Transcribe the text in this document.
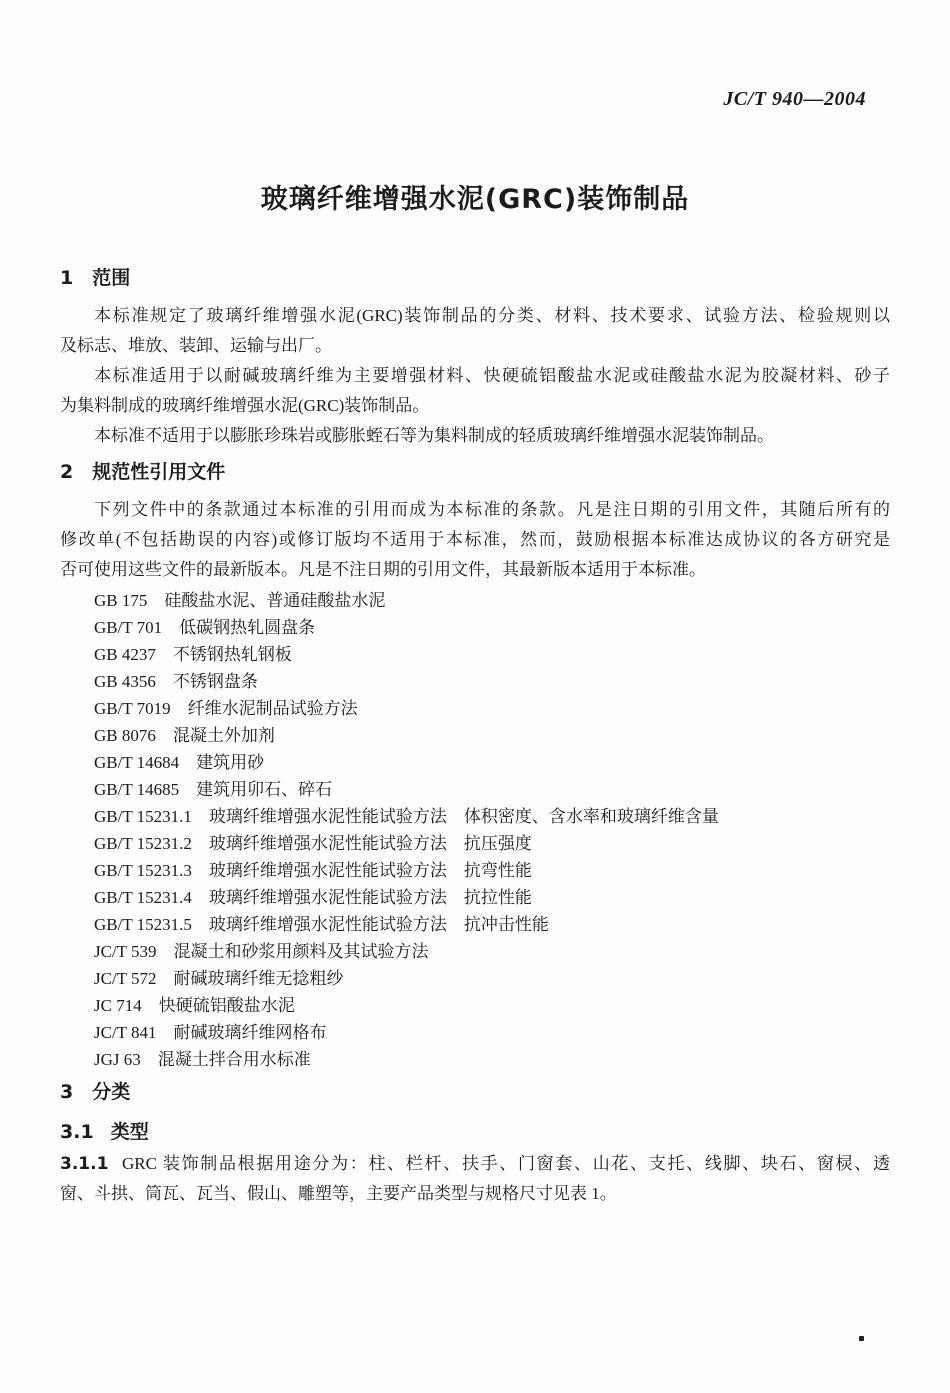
JC/T 940—2004
玻璃纤维增强水泥(GRC)装饰制品
1 范围
本标准规定了玻璃纤维增强水泥(GRC)装饰制品的分类、材料、技术要求、试验方法、检验规则以
及标志、堆放、装卸、运输与出厂。
本标准适用于以耐碱玻璃纤维为主要增强材料、快硬硫铝酸盐水泥或硅酸盐水泥为胶凝材料、砂子
为集料制成的玻璃纤维增强水泥(GRC)装饰制品。
本标准不适用于以膨胀珍珠岩或膨胀蛭石等为集料制成的轻质玻璃纤维增强水泥装饰制品。
2 规范性引用文件
下列文件中的条款通过本标准的引用而成为本标准的条款。凡是注日期的引用文件，其随后所有的
修改单(不包括勘误的内容)或修订版均不适用于本标准，然而，鼓励根据本标准达成协议的各方研究是
否可使用这些文件的最新版本。凡是不注日期的引用文件，其最新版本适用于本标准。
GB 175 硅酸盐水泥、普通硅酸盐水泥
GB/T 701 低碳钢热轧圆盘条
GB 4237 不锈钢热轧钢板
GB 4356 不锈钢盘条
GB/T 7019 纤维水泥制品试验方法
GB 8076 混凝土外加剂
GB/T 14684 建筑用砂
GB/T 14685 建筑用卯石、碎石
GB/T 15231.1 玻璃纤维增强水泥性能试验方法 体积密度、含水率和玻璃纤维含量
GB/T 15231.2 玻璃纤维增强水泥性能试验方法 抗压强度
GB/T 15231.3 玻璃纤维增强水泥性能试验方法 抗弯性能
GB/T 15231.4 玻璃纤维增强水泥性能试验方法 抗拉性能
GB/T 15231.5 玻璃纤维增强水泥性能试验方法 抗冲击性能
JC/T 539 混凝土和砂浆用颜料及其试验方法
JC/T 572 耐碱玻璃纤维无捻粗纱
JC 714 快硬硫铝酸盐水泥
JC/T 841 耐碱玻璃纤维网格布
JGJ 63 混凝土拌合用水标准
3 分类
3.1 类型
3.1.1 GRC 装饰制品根据用途分为：柱、栏杆、扶手、门窗套、山花、支托、线脚、块石、窗棂、透
窗、斗拱、筒瓦、瓦当、假山、雕塑等，主要产品类型与规格尺寸见表 1。
